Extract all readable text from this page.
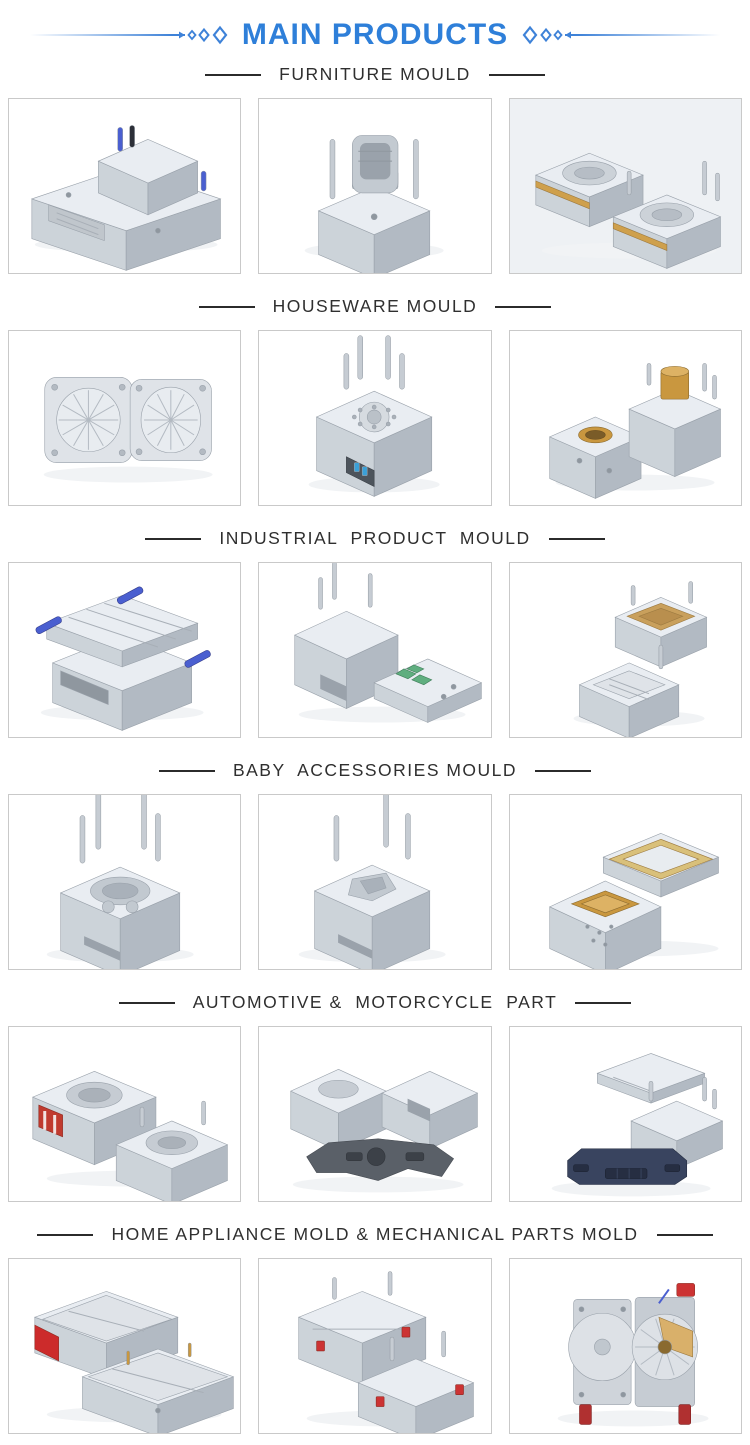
MAIN PRODUCTS
FURNITURE MOULD
HOUSEWARE MOULD
INDUSTRIAL  PRODUCT  MOULD
BABY  ACCESSORIES MOULD
AUTOMOTIVE &  MOTORCYCLE  PART
HOME APPLIANCE MOLD & MECHANICAL PARTS MOLD
